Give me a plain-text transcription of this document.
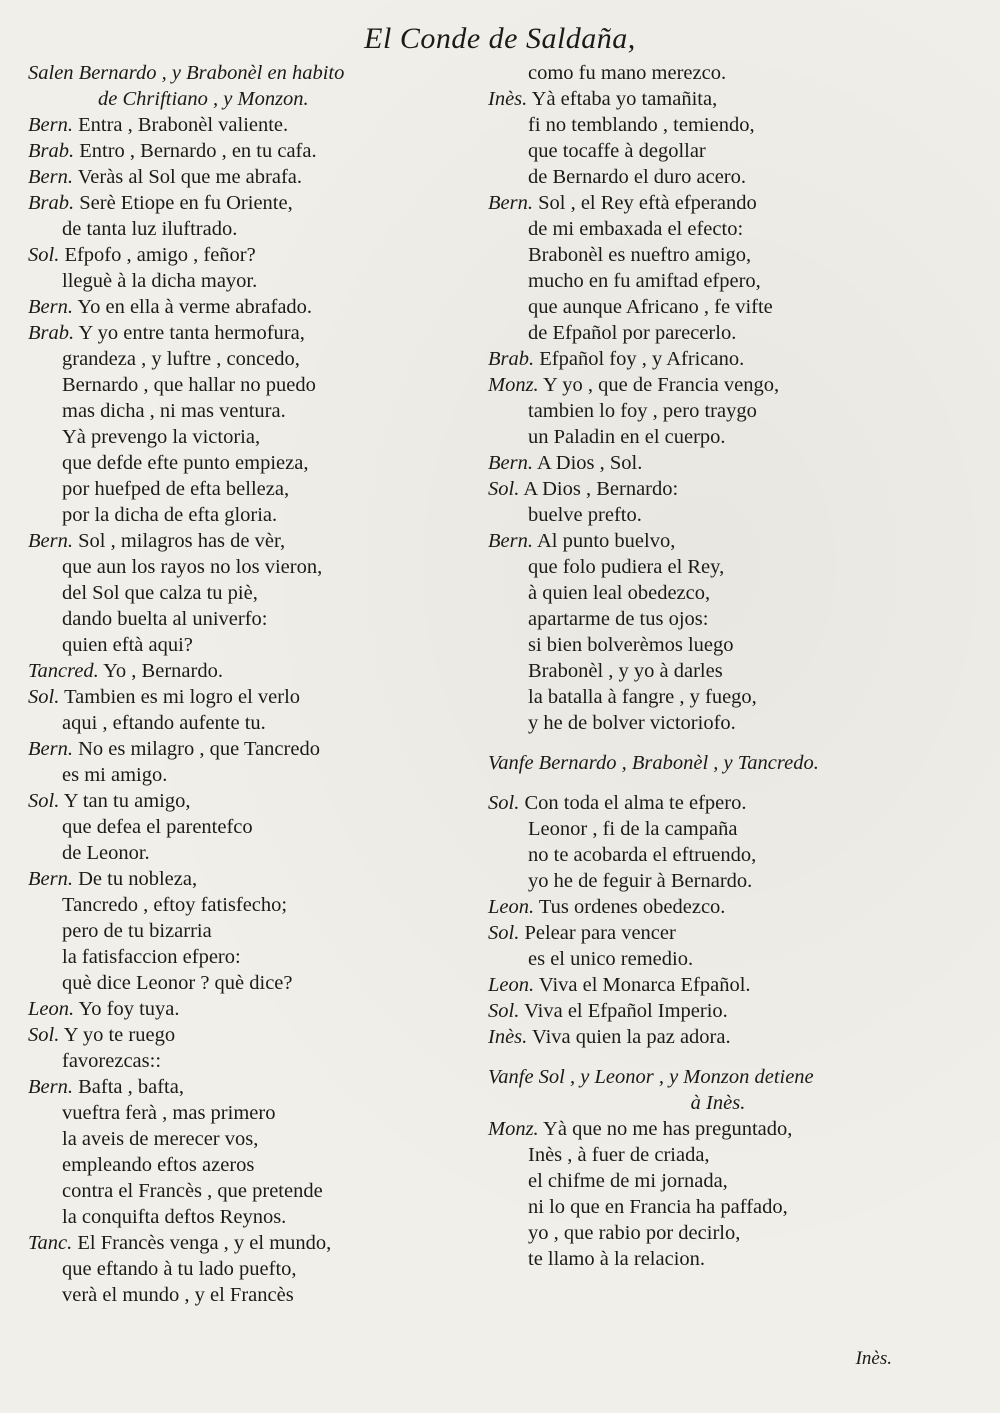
El Conde de Saldaña,
Salen Bernardo , y Brabonèl en habito
de Chriftiano , y Monzon.
Bern. Entra , Brabonèl valiente.
Brab. Entro , Bernardo , en tu cafa.
Bern. Veràs al Sol que me abrafa.
Brab. Serè Etiope en fu Oriente,
de tanta luz iluftrado.
Sol. Efpofo , amigo , feñor?
lleguè à la dicha mayor.
Bern. Yo en ella à verme abrafado.
Brab. Y yo entre tanta hermofura,
grandeza , y luftre , concedo,
Bernardo , que hallar no puedo
mas dicha , ni mas ventura.
Yà prevengo la victoria,
que defde efte punto empieza,
por huefped de efta belleza,
por la dicha de efta gloria.
Bern. Sol , milagros has de vèr,
que aun los rayos no los vieron,
del Sol que calza tu piè,
dando buelta al univerfo:
quien eftà aqui?
Tancred. Yo , Bernardo.
Sol. Tambien es mi logro el verlo
aqui , eftando aufente tu.
Bern. No es milagro , que Tancredo
es mi amigo.
Sol. Y tan tu amigo,
que defea el parentefco
de Leonor.
Bern. De tu nobleza,
Tancredo , eftoy fatisfecho;
pero de tu bizarria
la fatisfaccion efpero:
què dice Leonor ? què dice?
Leon. Yo foy tuya.
Sol. Y yo te ruego
favorezcas::
Bern. Bafta , bafta,
vueftra ferà , mas primero
la aveis de merecer vos,
empleando eftos azeros
contra el Francès , que pretende
la conquifta deftos Reynos.
Tanc. El Francès venga , y el mundo,
que eftando à tu lado puefto,
verà el mundo , y el Francès
como fu mano merezco.
Inès. Yà eftaba yo tamañita,
fi no temblando , temiendo,
que tocaffe à degollar
de Bernardo el duro acero.
Bern. Sol , el Rey eftà efperando
de mi embaxada el efecto:
Brabonèl es nueftro amigo,
mucho en fu amiftad efpero,
que aunque Africano , fe vifte
de Efpañol por parecerlo.
Brab. Efpañol foy , y Africano.
Monz. Y yo , que de Francia vengo,
tambien lo foy , pero traygo
un Paladin en el cuerpo.
Bern. A Dios , Sol.
Sol. A Dios , Bernardo:
buelve prefto.
Bern. Al punto buelvo,
que folo pudiera el Rey,
à quien leal obedezco,
apartarme de tus ojos:
si bien bolverèmos luego
Brabonèl , y yo à darles
la batalla à fangre , y fuego,
y he de bolver victoriofo.
Vanfe Bernardo , Brabonèl , y Tancredo.
Sol. Con toda el alma te efpero.
Leonor , fi de la campaña
no te acobarda el eftruendo,
yo he de feguir à Bernardo.
Leon. Tus ordenes obedezco.
Sol. Pelear para vencer
es el unico remedio.
Leon. Viva el Monarca Efpañol.
Sol. Viva el Efpañol Imperio.
Inès. Viva quien la paz adora.
Vanfe Sol , y Leonor , y Monzon detiene
à Inès.
Monz. Yà que no me has preguntado,
Inès , à fuer de criada,
el chifme de mi jornada,
ni lo que en Francia ha paffado,
yo , que rabio por decirlo,
te llamo à la relacion.
Inès.
